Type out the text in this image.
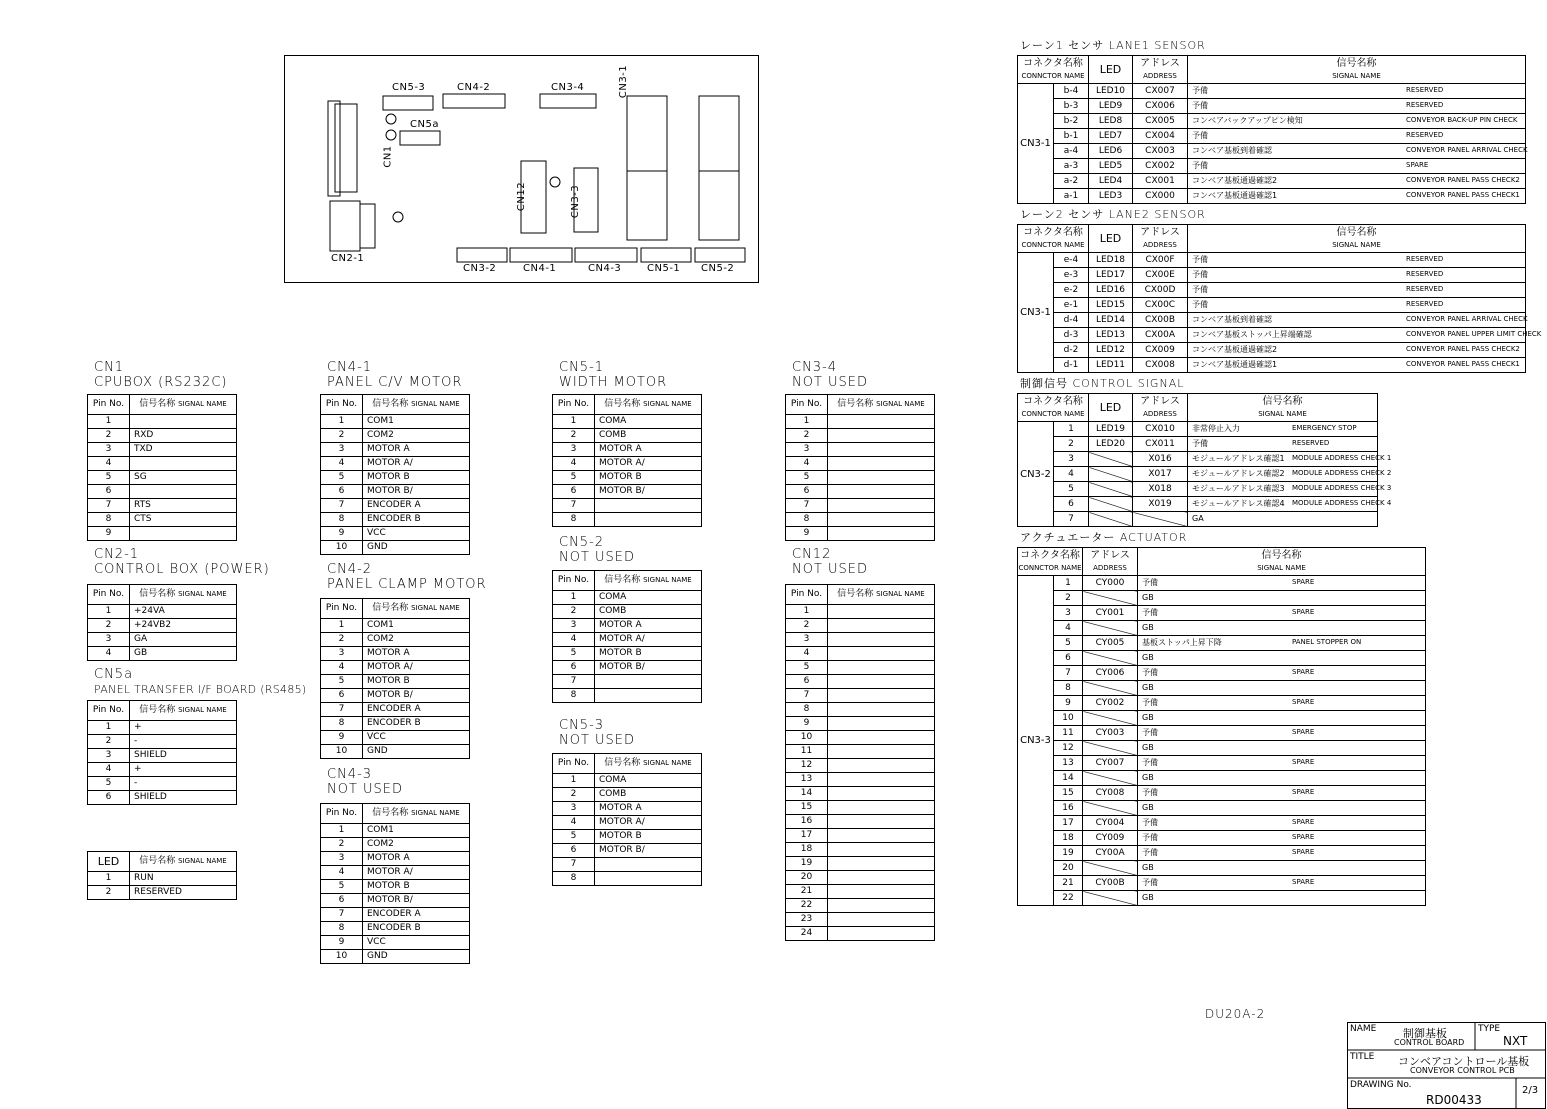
CN5-3	CN4-2	CN3-4	CN3-1
CN5a
CN1
CN2-1
CN12	CN3-3
CN3-2	CN4-1	CN4-3	CN5-1 CN5-2
CN1
CPUBOX (RS232C)
Pin No.	信号名称 SIGNAL NAME
1	
2	RXD
3	TXD
4	
5	SG
6	
7	RTS
8	CTS
9	
CN2-1
CONTROL BOX (POWER)
Pin No.	信号名称 SIGNAL NAME
1	+24VA
2	+24VB2
3	GA
4	GB
CN5a
PANEL TRANSFER I/F BOARD (RS485)
Pin No.	信号名称 SIGNAL NAME
1	+
2	-
3	SHIELD
4	+
5	-
6	SHIELD
LED	信号名称 SIGNAL NAME
1	RUN
2	RESERVED
CN4-1
PANEL C/V MOTOR
Pin No.	信号名称 SIGNAL NAME
1	COM1
2	COM2
3	MOTOR A
4	MOTOR A/
5	MOTOR B
6	MOTOR B/
7	ENCODER A
8	ENCODER B
9	VCC
10	GND
CN4-2
PANEL CLAMP MOTOR
Pin No.	信号名称 SIGNAL NAME
1	COM1
2	COM2
3	MOTOR A
4	MOTOR A/
5	MOTOR B
6	MOTOR B/
7	ENCODER A
8	ENCODER B
9	VCC
10	GND
CN4-3
NOT USED
Pin No.	信号名称 SIGNAL NAME
1	COM1
2	COM2
3	MOTOR A
4	MOTOR A/
5	MOTOR B
6	MOTOR B/
7	ENCODER A
8	ENCODER B
9	VCC
10	GND
CN5-1
WIDTH MOTOR
Pin No.	信号名称 SIGNAL NAME
1	COMA
2	COMB
3	MOTOR A
4	MOTOR A/
5	MOTOR B
6	MOTOR B/
7	
8	
CN5-2
NOT USED
Pin No.	信号名称 SIGNAL NAME
1	COMA
2	COMB
3	MOTOR A
4	MOTOR A/
5	MOTOR B
6	MOTOR B/
7	
8	
CN5-3
NOT USED
Pin No.	信号名称 SIGNAL NAME
1	COMA
2	COMB
3	MOTOR A
4	MOTOR A/
5	MOTOR B
6	MOTOR B/
7	
8	
CN3-4
NOT USED
Pin No.	信号名称 SIGNAL NAME
1	
2	
3	
4	
5	
6	
7	
8	
9	
CN12
NOT USED
Pin No.	信号名称 SIGNAL NAME
1	
2	
3	
4	
5	
6	
7	
8	
9	
10	
11	
12	
13	
14	
15	
16	
17	
18	
19	
20	
21	
22	
23	
24	
レーン1 センサ LANE1 SENSOR
コネクタ名称
CONNCTOR NAME		LED	アドレス
ADDRESS	信号名称
SIGNAL NAME
CN3-1	b-4	LED10	CX007	予備 RESERVED

	b-3	LED9	CX006	予備 RESERVED

	b-2	LED8	CX005	コンベアバックアップピン検知 CONVEYOR BACK-UP PIN CHECK

	b-1	LED7	CX004	予備 RESERVED

	a-4	LED6	CX003	コンベア基板到着確認 CONVEYOR PANEL ARRIVAL CHECK

	a-3	LED5	CX002	予備 SPARE

	a-2	LED4	CX001	コンベア基板通過確認2 CONVEYOR PANEL PASS CHECK2

	a-1	LED3	CX000	コンベア基板通過確認1 CONVEYOR PANEL PASS CHECK1
レーン2 センサ LANE2 SENSOR
コネクタ名称
CONNCTOR NAME		LED	アドレス
ADDRESS	信号名称
SIGNAL NAME
CN3-1	e-4	LED18	CX00F	予備 RESERVED

	e-3	LED17	CX00E	予備 RESERVED

	e-2	LED16	CX00D	予備 RESERVED

	e-1	LED15	CX00C	予備 RESERVED

	d-4	LED14	CX00B	コンベア基板到着確認 CONVEYOR PANEL ARRIVAL CHECK

	d-3	LED13	CX00A	コンベア基板ストッパ上昇端確認 CONVEYOR PANEL UPPER LIMIT CHECK

	d-2	LED12	CX009	コンベア基板通過確認2 CONVEYOR PANEL PASS CHECK2

	d-1	LED11	CX008	コンベア基板通過確認1 CONVEYOR PANEL PASS CHECK1
制御信号 CONTROL SIGNAL
コネクタ名称
CONNCTOR NAME		LED	アドレス
ADDRESS	信号名称
SIGNAL NAME
CN3-2	1	LED19	CX010	非常停止入力 EMERGENCY STOP

	2	LED20	CX011	予備 RESERVED

	3		X016	モジュールアドレス確認1 MODULE ADDRESS CHECK 1

	4		X017	モジュールアドレス確認2 MODULE ADDRESS CHECK 2

	5		X018	モジュールアドレス確認3 MODULE ADDRESS CHECK 3

	6		X019	モジュールアドレス確認4 MODULE ADDRESS CHECK 4

	7			GA
アクチュエーター ACTUATOR
コネクタ名称
CONNCTOR NAME		アドレス
ADDRESS	信号名称
SIGNAL NAME
CN3-3	1	CY000	予備 SPARE

	2		GB

	3	CY001	予備 SPARE

	4		GB

	5	CY005	基板ストッパ上昇下降 PANEL STOPPER ON

	6		GB

	7	CY006	予備 SPARE

	8		GB

	9	CY002	予備 SPARE

	10		GB

	11	CY003	予備 SPARE

	12		GB

	13	CY007	予備 SPARE

	14		GB

	15	CY008	予備 SPARE

	16		GB

	17	CY004	予備 SPARE

	18	CY009	予備 SPARE

	19	CY00A	予備 SPARE

	20		GB

	21	CY00B	予備 SPARE

	22		GB
DU20A-2
NAME 制御基板
CONTROL BOARD
TYPE
NXT
TITLE コンベアコントロール基板
CONVEYOR CONTROL PCB
DRAWING No.
RD00433
2/3
